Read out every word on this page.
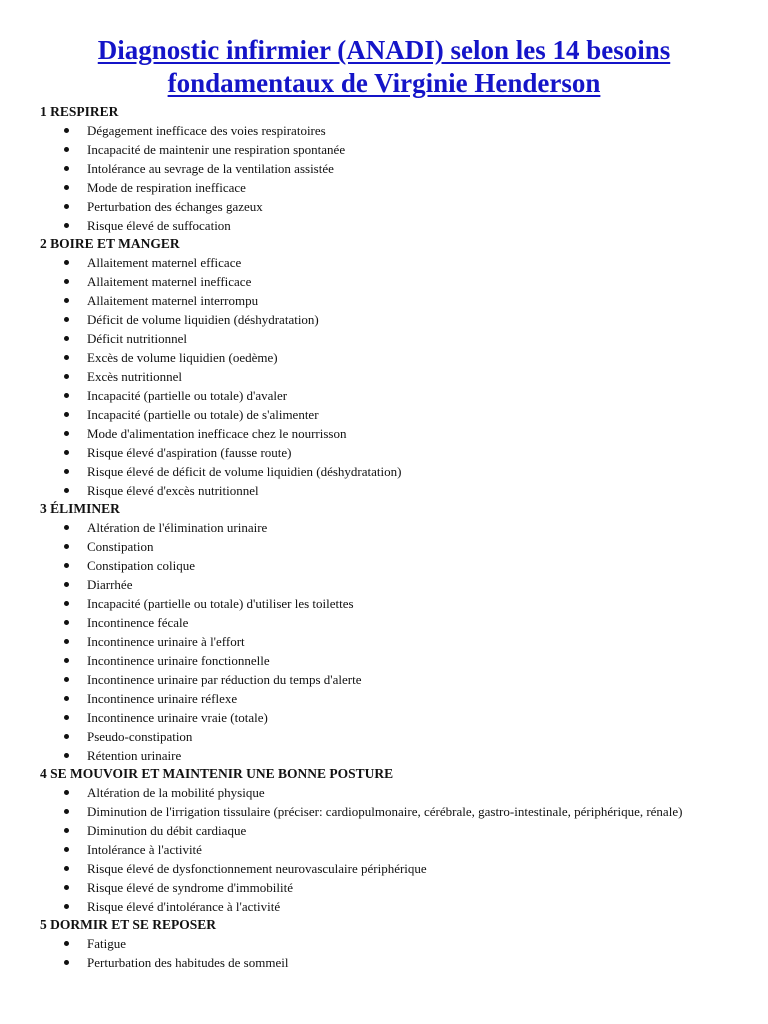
Diagnostic infirmier (ANADI) selon les 14 besoins
fondamentaux de Virginie Henderson
1 RESPIRER
Dégagement inefficace des voies respiratoires
Incapacité de maintenir une respiration spontanée
Intolérance au sevrage de la ventilation assistée
Mode de respiration inefficace
Perturbation des échanges gazeux
Risque élevé de suffocation
2 BOIRE ET MANGER
Allaitement maternel efficace
Allaitement maternel inefficace
Allaitement maternel interrompu
Déficit de volume liquidien (déshydratation)
Déficit nutritionnel
Excès de volume liquidien (oedème)
Excès nutritionnel
Incapacité (partielle ou totale) d'avaler
Incapacité (partielle ou totale) de s'alimenter
Mode d'alimentation inefficace chez le nourrisson
Risque élevé d'aspiration (fausse route)
Risque élevé de déficit de volume liquidien (déshydratation)
Risque élevé d'excès nutritionnel
3 ÉLIMINER
Altération de l'élimination urinaire
Constipation
Constipation colique
Diarrhée
Incapacité (partielle ou totale) d'utiliser les toilettes
Incontinence fécale
Incontinence urinaire à l'effort
Incontinence urinaire fonctionnelle
Incontinence urinaire par réduction du temps d'alerte
Incontinence urinaire réflexe
Incontinence urinaire vraie (totale)
Pseudo-constipation
Rétention urinaire
4 SE MOUVOIR ET MAINTENIR UNE BONNE POSTURE
Altération de la mobilité physique
Diminution de l'irrigation tissulaire (préciser: cardiopulmonaire, cérébrale, gastro-intestinale, périphérique, rénale)
Diminution du débit cardiaque
Intolérance à l'activité
Risque élevé de dysfonctionnement neurovasculaire périphérique
Risque élevé de syndrome d'immobilité
Risque élevé d'intolérance à l'activité
5 DORMIR ET SE REPOSER
Fatigue
Perturbation des habitudes de sommeil
